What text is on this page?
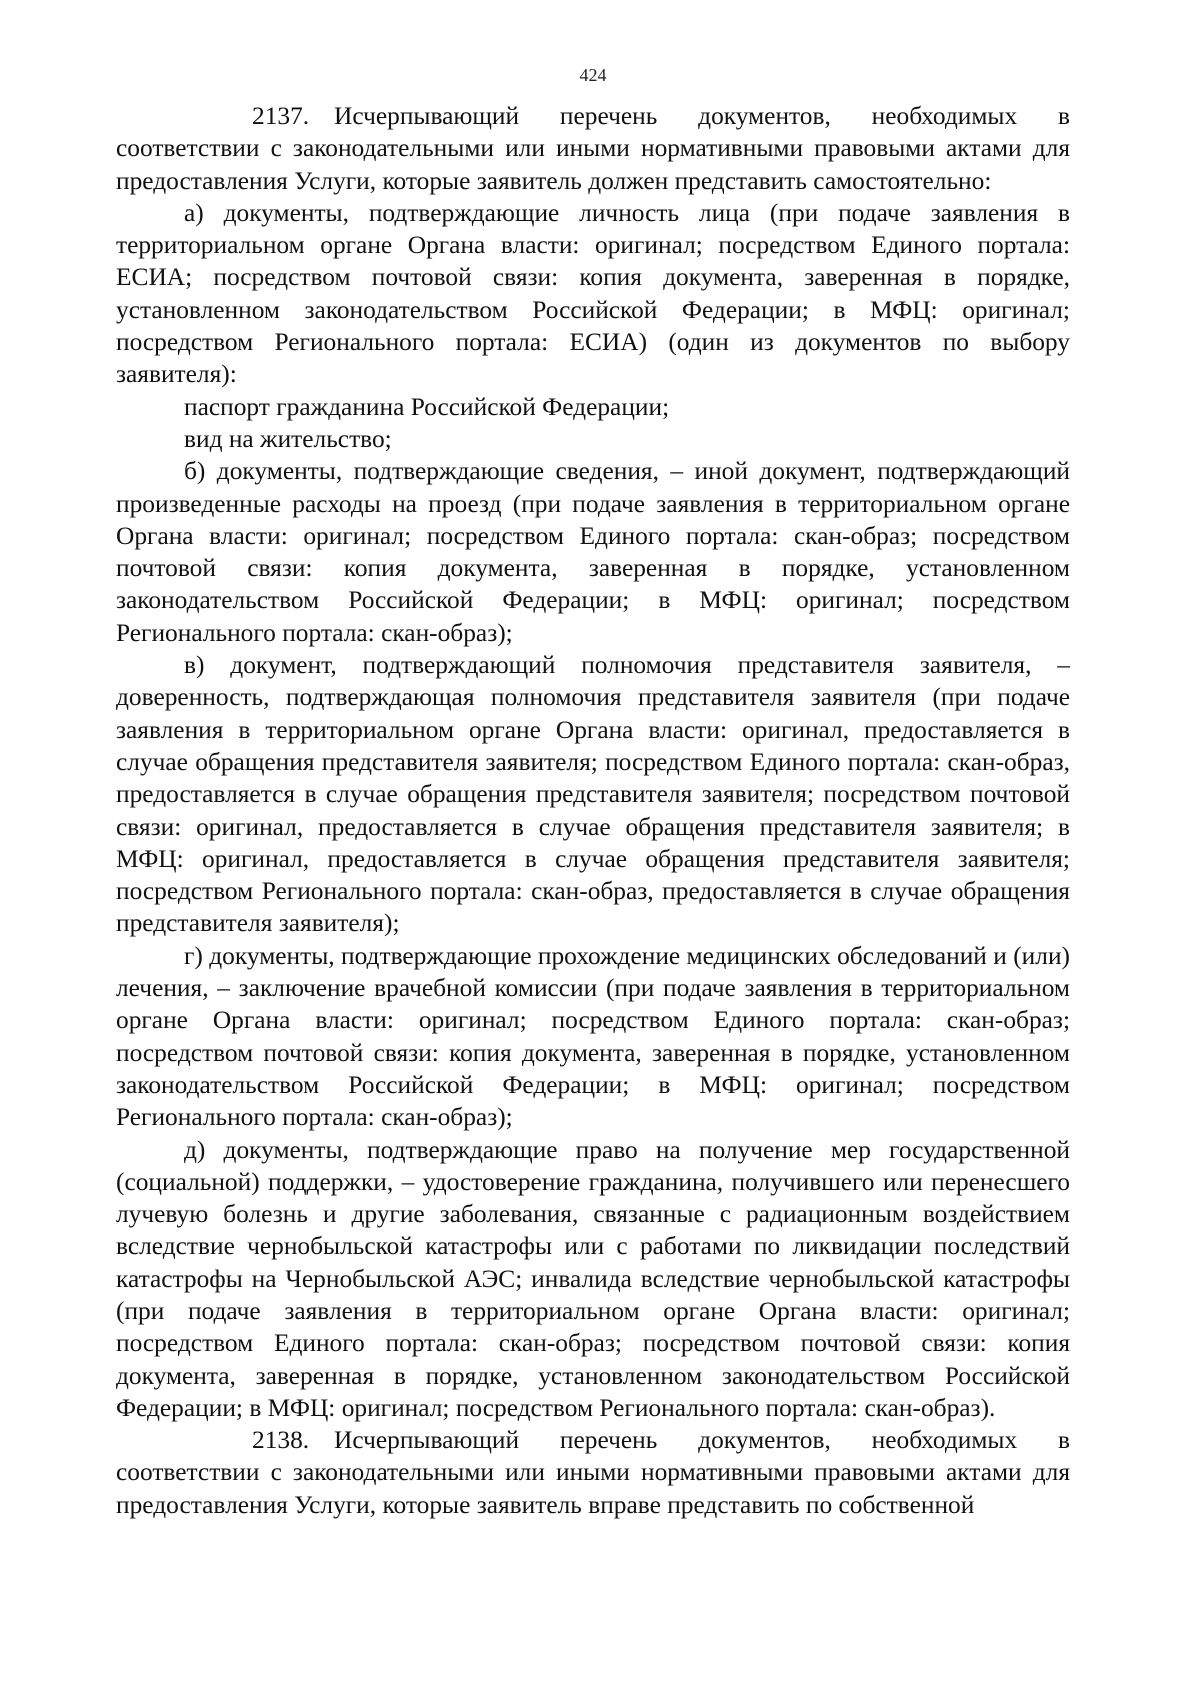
424

2137. Исчерпывающий перечень документов, необходимых в соответствии с законодательными или иными нормативными правовыми актами для предоставления Услуги, которые заявитель должен представить самостоятельно:

а) документы, подтверждающие личность лица (при подаче заявления в территориальном органе Органа власти: оригинал; посредством Единого портала: ЕСИА; посредством почтовой связи: копия документа, заверенная в порядке, установленном законодательством Российской Федерации; в МФЦ: оригинал; посредством Регионального портала: ЕСИА) (один из документов по выбору заявителя):

паспорт гражданина Российской Федерации;

вид на жительство;

б) документы, подтверждающие сведения, – иной документ, подтверждающий произведенные расходы на проезд (при подаче заявления в территориальном органе Органа власти: оригинал; посредством Единого портала: скан-образ; посредством почтовой связи: копия документа, заверенная в порядке, установленном законодательством Российской Федерации; в МФЦ: оригинал; посредством Регионального портала: скан-образ);

в) документ, подтверждающий полномочия представителя заявителя, – доверенность, подтверждающая полномочия представителя заявителя (при подаче заявления в территориальном органе Органа власти: оригинал, предоставляется в случае обращения представителя заявителя; посредством Единого портала: скан-образ, предоставляется в случае обращения представителя заявителя; посредством почтовой связи: оригинал, предоставляется в случае обращения представителя заявителя; в МФЦ: оригинал, предоставляется в случае обращения представителя заявителя; посредством Регионального портала: скан-образ, предоставляется в случае обращения представителя заявителя);

г) документы, подтверждающие прохождение медицинских обследований и (или) лечения, – заключение врачебной комиссии (при подаче заявления в территориальном органе Органа власти: оригинал; посредством Единого портала: скан-образ; посредством почтовой связи: копия документа, заверенная в порядке, установленном законодательством Российской Федерации; в МФЦ: оригинал; посредством Регионального портала: скан-образ);

д) документы, подтверждающие право на получение мер государственной (социальной) поддержки, – удостоверение гражданина, получившего или перенесшего лучевую болезнь и другие заболевания, связанные с радиационным воздействием вследствие чернобыльской катастрофы или с работами по ликвидации последствий катастрофы на Чернобыльской АЭС; инвалида вследствие чернобыльской катастрофы (при подаче заявления в территориальном органе Органа власти: оригинал; посредством Единого портала: скан-образ; посредством почтовой связи: копия документа, заверенная в порядке, установленном законодательством Российской Федерации; в МФЦ: оригинал; посредством Регионального портала: скан-образ).

2138. Исчерпывающий перечень документов, необходимых в соответствии с законодательными или иными нормативными правовыми актами для предоставления Услуги, которые заявитель вправе представить по собственной
